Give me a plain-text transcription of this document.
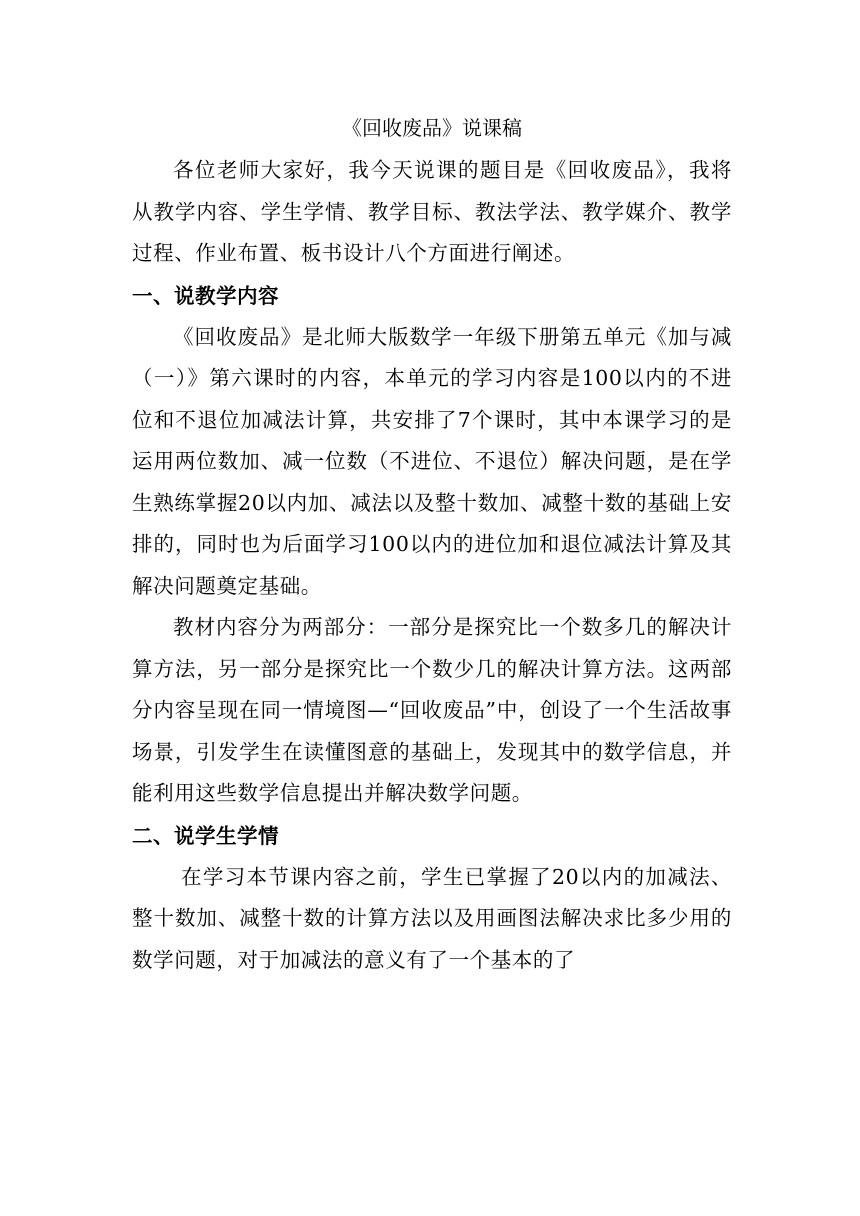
《回收废品》说课稿

各位老师大家好，我今天说课的题目是《回收废品》，我将从教学内容、学生学情、教学目标、教法学法、教学媒介、教学过程、作业布置、板书设计八个方面进行阐述。

一、说教学内容

《回收废品》是北师大版数学一年级下册第五单元《加与减（一）》第六课时的内容，本单元的学习内容是100以内的不进位和不退位加减法计算，共安排了7个课时，其中本课学习的是运用两位数加、减一位数（不进位、不退位）解决问题，是在学生熟练掌握20以内加、减法以及整十数加、减整十数的基础上安排的，同时也为后面学习100以内的进位加和退位减法计算及其解决问题奠定基础。

教材内容分为两部分：一部分是探究比一个数多几的解决计算方法，另一部分是探究比一个数少几的解决计算方法。这两部分内容呈现在同一情境图—“回收废品”中，创设了一个生活故事场景，引发学生在读懂图意的基础上，发现其中的数学信息，并能利用这些数学信息提出并解决数学问题。

二、说学生学情

在学习本节课内容之前，学生已掌握了20以内的加减法、整十数加、减整十数的计算方法以及用画图法解决求比多少用的数学问题，对于加减法的意义有了一个基本的了
